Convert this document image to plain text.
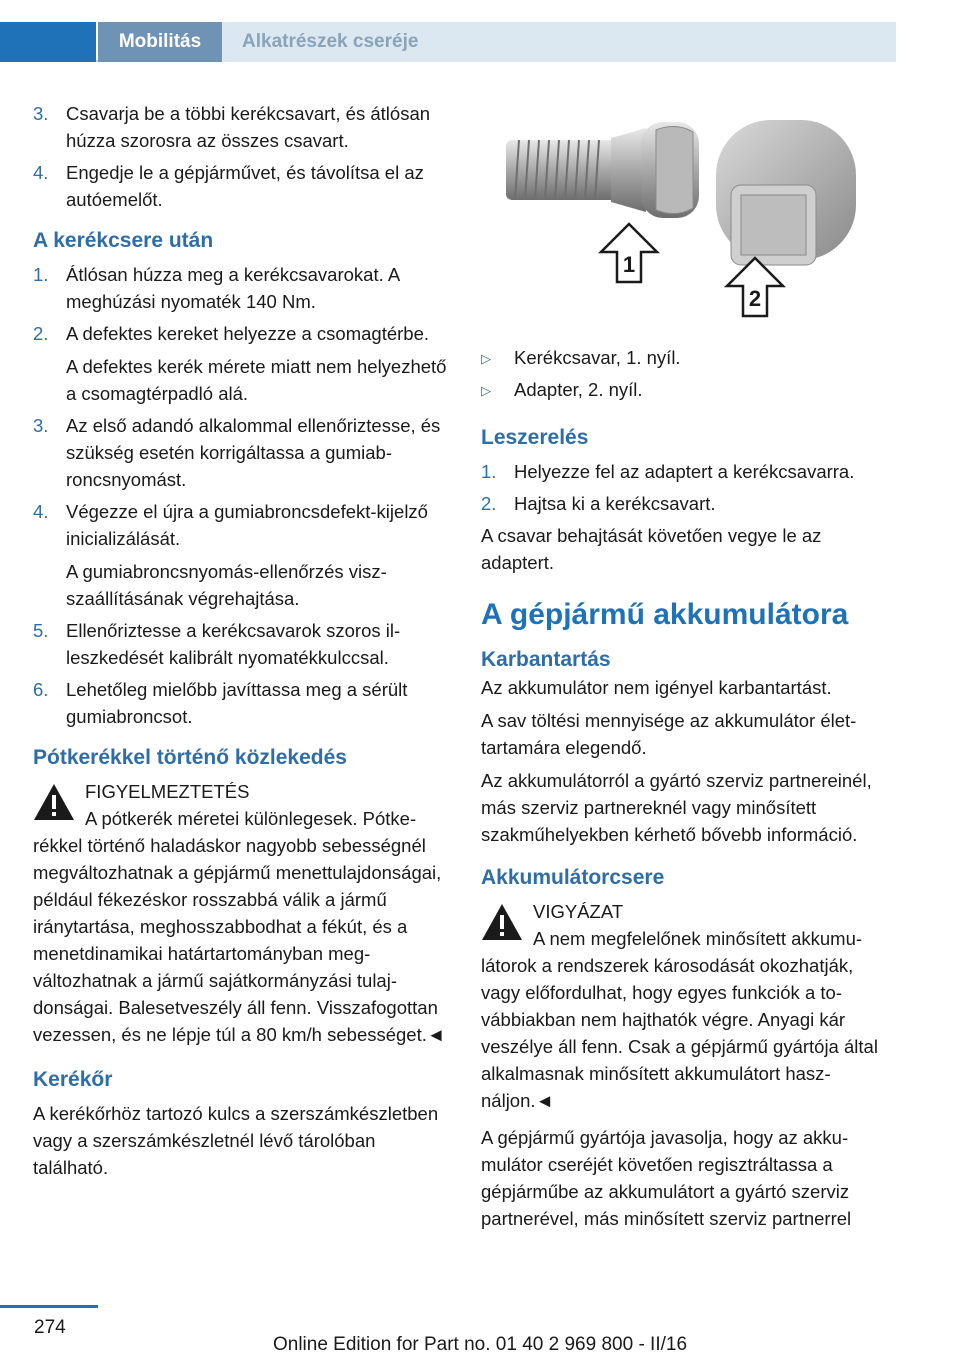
Mobilitás	Alkatrészek cseréje
3. Csavarja be a többi kerékcsavart, és átlósan húzza szorosra az összes csavart.
4. Engedje le a gépjárművet, és távolítsa el az autóemelőt.
A kerékcsere után
1. Átlósan húzza meg a kerékcsavarokat. A meghúzási nyomaték 140 Nm.
2. A defektes kereket helyezze a csomagtérbe.
A defektes kerék mérete miatt nem helyezhető a csomagtérpadló alá.
3. Az első adandó alkalommal ellenőriztesse, és szükség esetén korrigáltassa a gumiabroncsnyomást.
4. Végezze el újra a gumiabroncsdefekt-kijelző inicializálását.
A gumiabroncsnyomás-ellenőrzés viszszaállításának végrehajtása.
5. Ellenőriztesse a kerékcsavarok szoros illeszkedését kalibrált nyomatékkulccsal.
6. Lehetőleg mielőbb javíttassa meg a sérült gumiabroncsot.
Pótkerékkel történő közlekedés
FIGYELMEZTETÉS
A pótkerék méretei különlegesek. Pótkerékkel történő haladáskor nagyobb sebességnél megváltozhatnak a gépjármű menettulajdonságai, például fékezéskor rosszabbá válik a jármű iránytartása, meghosszabbodhat a fékút, és a menetdinamikai határtartományban megváltozhatnak a jármű sajátkormányzási tulajdonságai. Balesetveszély áll fenn. Visszafogottan vezessen, és ne lépje túl a 80 km/h sebességet.◄
Kerékőr
A kerékőrhöz tartozó kulcs a szerszámkészletben vagy a szerszámkészletnél lévő tárolóban található.
1
2
▷	Kerékcsavar, 1. nyíl.
▷	Adapter, 2. nyíl.
Leszerelés
1. Helyezze fel az adaptert a kerékcsavarra.
2. Hajtsa ki a kerékcsavart.
A csavar behajtását követően vegye le az adaptert.
A gépjármű akkumulátora
Karbantartás
Az akkumulátor nem igényel karbantartást.
A sav töltési mennyisége az akkumulátor élettartamára elegendő.
Az akkumulátorról a gyártó szerviz partnereinél, más szerviz partnereknél vagy minősített szakműhelyekben kérhető bővebb információ.
Akkumulátorcsere
VIGYÁZAT
A nem megfelelőnek minősített akkumulátorok a rendszerek károsodását okozhatják, vagy előfordulhat, hogy egyes funkciók a továbbiakban nem hajthatók végre. Anyagi kár veszélye áll fenn. Csak a gépjármű gyártója által alkalmasnak minősített akkumulátort használjon.◄
A gépjármű gyártója javasolja, hogy az akkumulátor cseréjét követően regisztráltassa a gépjárműbe az akkumulátort a gyártó szerviz partnerével, más minősített szerviz partnerrel
274
Online Edition for Part no. 01 40 2 969 800 - II/16
